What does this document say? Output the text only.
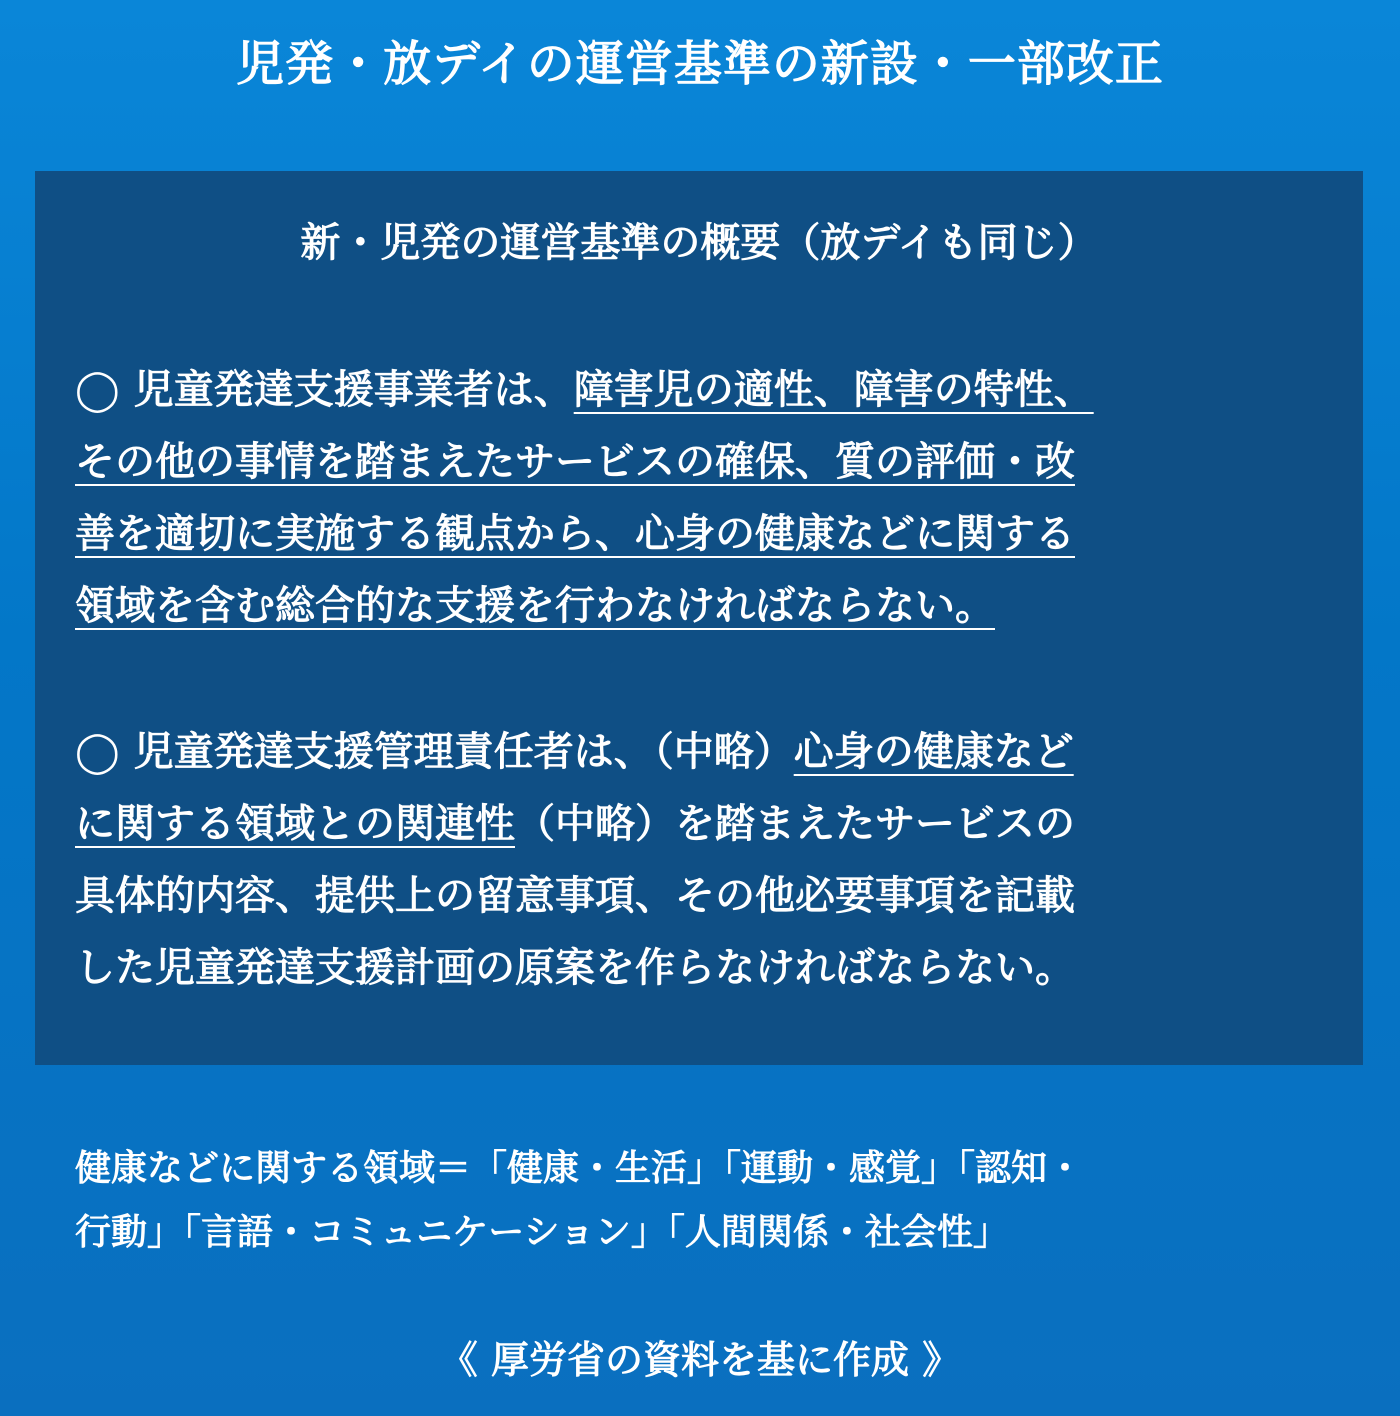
児発・放デイの運営基準の新設・一部改正
新・児発の運営基準の概要（放デイも同じ）
◯ 児童発達支援事業者は、障害児の適性、障害の特性、
その他の事情を踏まえたサービスの確保、質の評価・改
善を適切に実施する観点から、心身の健康などに関する
領域を含む総合的な支援を行わなければならない。
◯ 児童発達支援管理責任者は、（中略）心身の健康など
に関する領域との関連性（中略）を踏まえたサービスの
具体的内容、提供上の留意事項、その他必要事項を記載
した児童発達支援計画の原案を作らなければならない。
健康などに関する領域＝「健康・生活」「運動・感覚」「認知・
行動」「言語・コミュニケーション」「人間関係・社会性」
《 厚労省の資料を基に作成 》
